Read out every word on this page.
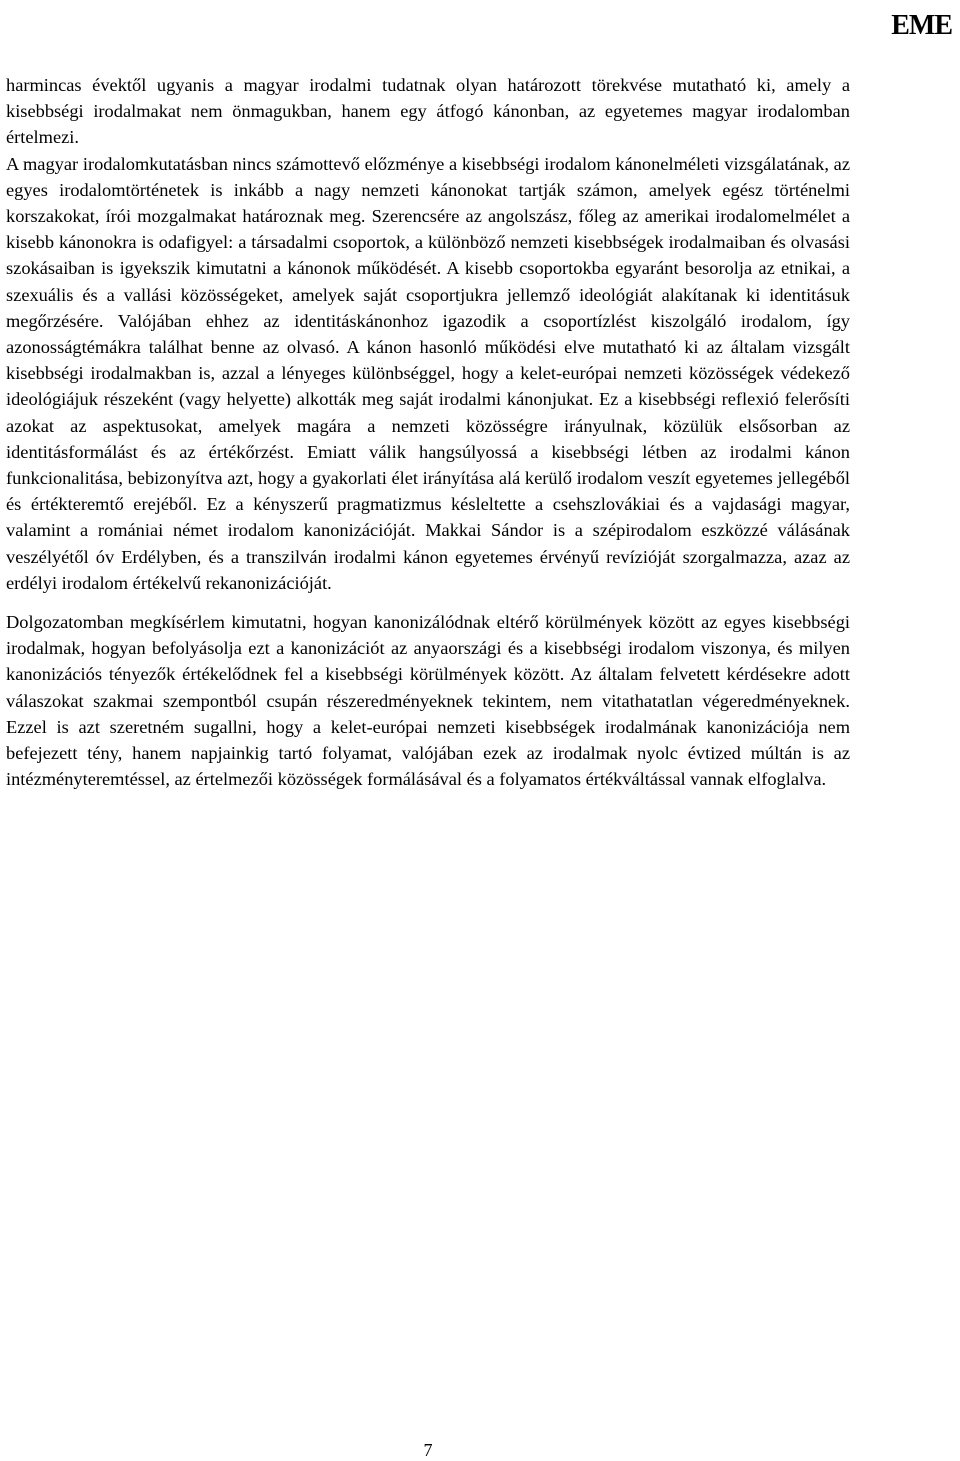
EME

harmincas évektől ugyanis a magyar irodalmi tudatnak olyan határozott törekvése mutatható ki, amely a kisebbségi irodalmakat nem önmagukban, hanem egy átfogó kánonban, az egyetemes magyar irodalomban értelmezi.

A magyar irodalomkutatásban nincs számottevő előzménye a kisebbségi irodalom kánonelméleti vizsgálatának, az egyes irodalomtörténetek is inkább a nagy nemzeti kánonokat tartják számon, amelyek egész történelmi korszakokat, írói mozgalmakat határoznak meg. Szerencsére az angolszász, főleg az amerikai irodalomelmélet a kisebb kánonokra is odafigyel: a társadalmi csoportok, a különböző nemzeti kisebbségek irodalmaiban és olvasási szokásaiban is igyekszik kimutatni a kánonok működését. A kisebb csoportokba egyaránt besorolja az etnikai, a szexuális és a vallási közösségeket, amelyek saját csoportjukra jellemző ideológiát alakítanak ki identitásuk megőrzésére. Valójában ehhez az identitáskánonhoz igazodik a csoportízlést kiszolgáló irodalom, így azonosságtémákra találhat benne az olvasó. A kánon hasonló működési elve mutatható ki az általam vizsgált kisebbségi irodalmakban is, azzal a lényeges különbséggel, hogy a kelet-európai nemzeti közösségek védekező ideológiájuk részeként (vagy helyette) alkották meg saját irodalmi kánonjukat. Ez a kisebbségi reflexió felerősíti azokat az aspektusokat, amelyek magára a nemzeti közösségre irányulnak, közülük elsősorban az identitásformálást és az értékőrzést. Emiatt válik hangsúlyossá a kisebbségi létben az irodalmi kánon funkcionalitása, bebizonyítva azt, hogy a gyakorlati élet irányítása alá kerülő irodalom veszít egyetemes jellegéből és értékteremtő erejéből. Ez a kényszerű pragmatizmus késleltette a csehszlovákiai és a vajdasági magyar, valamint a romániai német irodalom kanonizációját. Makkai Sándor is a szépirodalom eszközzé válásának veszélyétől óv Erdélyben, és a transzilván irodalmi kánon egyetemes érvényű revízióját szorgalmazza, azaz az erdélyi irodalom értékelvű rekanonizációját.

Dolgozatomban megkísérlem kimutatni, hogyan kanonizálódnak eltérő körülmények között az egyes kisebbségi irodalmak, hogyan befolyásolja ezt a kanonizációt az anyaországi és a kisebbségi irodalom viszonya, és milyen kanonizációs tényezők értékelődnek fel a kisebbségi körülmények között. Az általam felvetett kérdésekre adott válaszokat szakmai szempontból csupán részeredményeknek tekintem, nem vitathatatlan végeredményeknek. Ezzel is azt szeretném sugallni, hogy a kelet-európai nemzeti kisebbségek irodalmának kanonizációja nem befejezett tény, hanem napjainkig tartó folyamat, valójában ezek az irodalmak nyolc évtized múltán is az intézményteremtéssel, az értelmezői közösségek formálásával és a folyamatos értékváltással vannak elfoglalva.

7
